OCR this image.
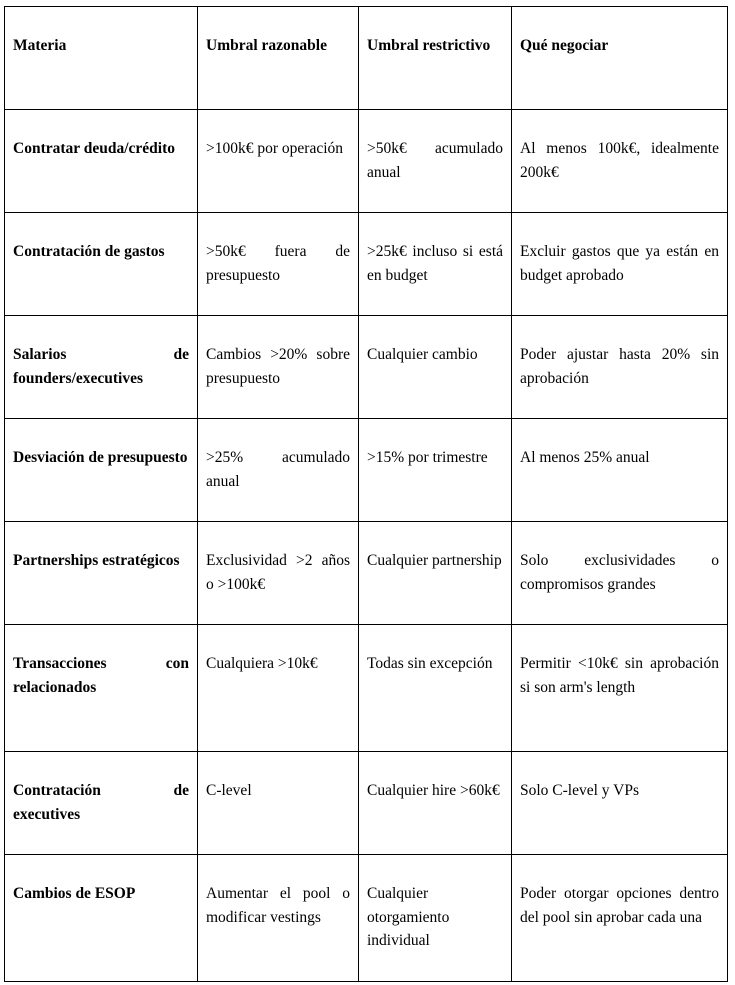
Materia	Umbral razonable	Umbral restrictivo	Qué negociar
Contratar deuda/crédito	>100k€ por operación	>50k€ acumulado anual	Al menos 100k€, idealmente 200k€
Contratación de gastos	>50k€ fuera de presupuesto	>25k€ incluso si está en budget	Excluir gastos que ya están en budget aprobado
Salarios de founders/executives	Cambios >20% sobre presupuesto	Cualquier cambio	Poder ajustar hasta 20% sin aprobación
Desviación de presupuesto	>25% acumulado anual	>15% por trimestre	Al menos 25% anual
Partnerships estratégicos	Exclusividad >2 años o >100k€	Cualquier partnership	Solo exclusividades o compromisos grandes
Transacciones con relacionados	Cualquiera >10k€	Todas sin excepción	Permitir <10k€ sin aprobación si son arm's length
Contratación de executives	C-level	Cualquier hire >60k€	Solo C-level y VPs
Cambios de ESOP	Aumentar el pool o modificar vestings	Cualquier otorgamiento individual	Poder otorgar opciones dentro del pool sin aprobar cada una
